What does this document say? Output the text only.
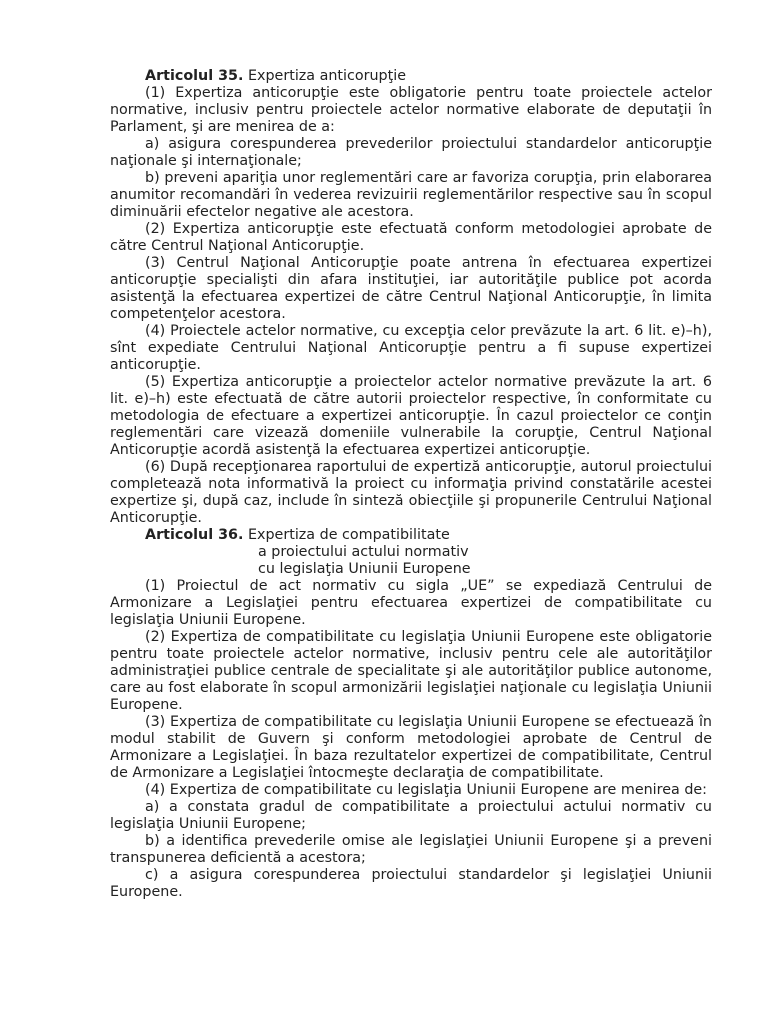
Articolul 35. Expertiza anticorupţie

(1) Expertiza anticorupţie este obligatorie pentru toate proiectele actelor normative, inclusiv pentru proiectele actelor normative elaborate de deputaţii în Parlament, şi are menirea de a:

a) asigura corespunderea prevederilor proiectului standardelor anticorupţie naţionale şi internaţionale;

b) preveni apariţia unor reglementări care ar favoriza corupţia, prin elaborarea anumitor recomandări în vederea revizuirii reglementărilor respective sau în scopul diminuării efectelor negative ale acestora.

(2) Expertiza anticorupţie este efectuată conform metodologiei aprobate de către Centrul Naţional Anticorupţie.

(3) Centrul Naţional Anticorupţie poate antrena în efectuarea expertizei anticorupţie specialişti din afara instituţiei, iar autorităţile publice pot acorda asistenţă la efectuarea expertizei de către Centrul Naţional Anticorupţie, în limita competenţelor acestora.

(4) Proiectele actelor normative, cu excepţia celor prevăzute la art. 6 lit. e)–h), sînt expediate Centrului Naţional Anticorupţie pentru a fi supuse expertizei anticorupţie.

(5) Expertiza anticorupţie a proiectelor actelor normative prevăzute la art. 6 lit. e)–h) este efectuată de către autorii proiectelor respective, în conformitate cu metodologia de efectuare a expertizei anticorupţie. În cazul proiectelor ce conţin reglementări care vizează domeniile vulnerabile la corupţie, Centrul Naţional Anticorupţie acordă asistenţă la efectuarea expertizei anticorupţie.

(6) După recepţionarea raportului de expertiză anticorupţie, autorul proiectului completează nota informativă la proiect cu informaţia privind constatările acestei expertize şi, după caz, include în sinteză obiecţiile şi propunerile Centrului Naţional Anticorupţie.

Articolul 36. Expertiza de compatibilitate

a proiectului actului normativ

cu legislaţia Uniunii Europene

(1) Proiectul de act normativ cu sigla „UE” se expediază Centrului de Armonizare a Legislaţiei pentru efectuarea expertizei de compatibilitate cu legislaţia Uniunii Europene.

(2) Expertiza de compatibilitate cu legislaţia Uniunii Europene este obligatorie pentru toate proiectele actelor normative, inclusiv pentru cele ale autorităţilor administraţiei publice centrale de specialitate şi ale autorităţilor publice autonome, care au fost elaborate în scopul armonizării legislaţiei naţionale cu legislaţia Uniunii Europene.

(3) Expertiza de compatibilitate cu legislaţia Uniunii Europene se efectuează în modul stabilit de Guvern şi conform metodologiei aprobate de Centrul de Armonizare a Legislaţiei. În baza rezultatelor expertizei de compatibilitate, Centrul de Armonizare a Legislaţiei întocmeşte declaraţia de compatibilitate.

(4) Expertiza de compatibilitate cu legislaţia Uniunii Europene are menirea de:

a) a constata gradul de compatibilitate a proiectului actului normativ cu legislaţia Uniunii Europene;

b) a identifica prevederile omise ale legislaţiei Uniunii Europene şi a preveni transpunerea deficientă a acestora;

c) a asigura corespunderea proiectului standardelor şi legislaţiei Uniunii Europene.
